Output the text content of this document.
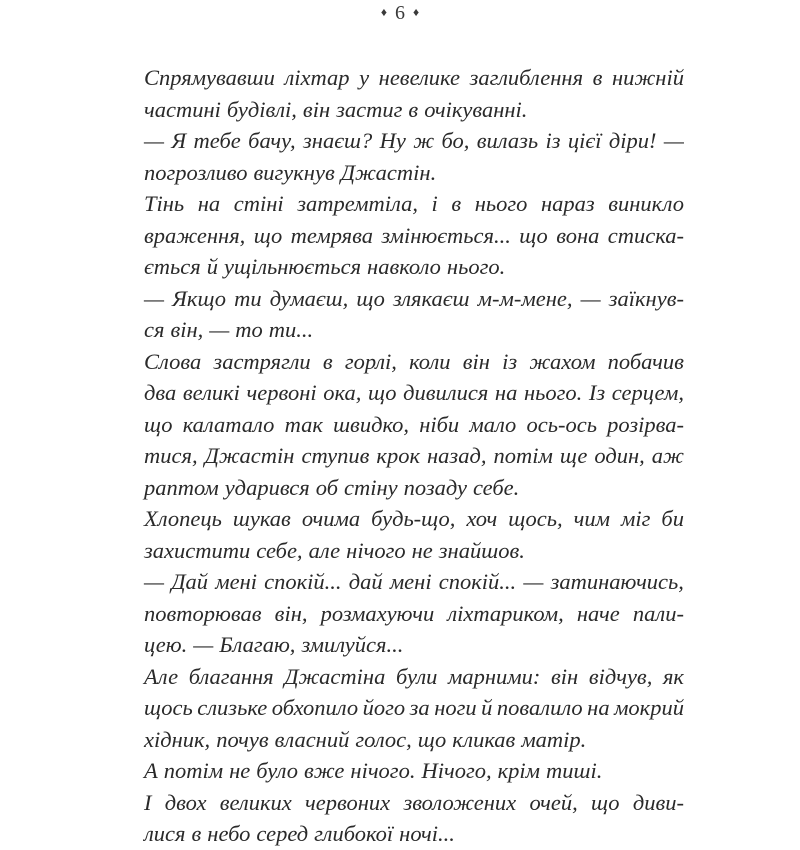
♦ 6 ♦
Спрямувавши ліхтар у невелике заглиблення в нижній
частині будівлі, він застиг в очікуванні.
— Я тебе бачу, знаєш? Ну ж бо, вилазь із цієї діри! —
погрозливо вигукнув Джастін.
Тінь на стіні затремтіла, і в нього нараз виникло
враження, що темрява змінюється... що вона стиска-
ється й ущільнюється навколо нього.
— Якщо ти думаєш, що злякаєш м-м-мене, — заїкнув-
ся він, — то ти...
Слова застрягли в горлі, коли він із жахом побачив
два великі червоні ока, що дивилися на нього. Із серцем,
що калатало так швидко, ніби мало ось-ось розірва-
тися, Джастін ступив крок назад, потім ще один, аж
раптом ударився об стіну позаду себе.
Хлопець шукав очима будь-що, хоч щось, чим міг би
захистити себе, але нічого не знайшов.
— Дай мені спокій... дай мені спокій... — затинаючись,
повторював він, розмахуючи ліхтариком, наче пали-
цею. — Благаю, змилуйся...
Але благання Джастіна були марними: він відчув, як
щось слизьке обхопило його за ноги й повалило на мокрий
хідник, почув власний голос, що кликав матір.
А потім не було вже нічого. Нічого, крім тиші.
І двох великих червоних зволожених очей, що диви-
лися в небо серед глибокої ночі...
